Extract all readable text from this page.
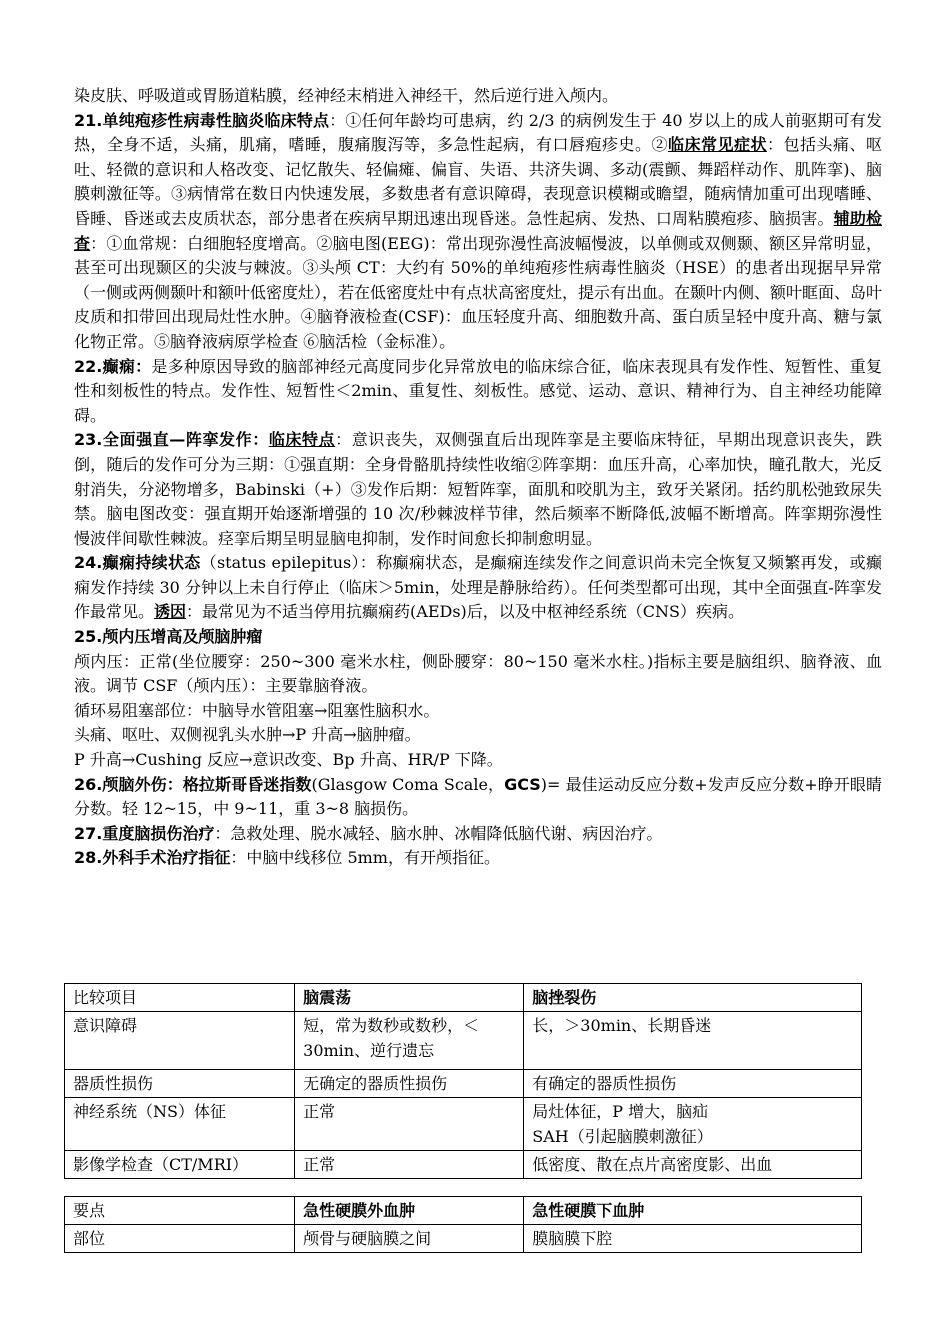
染皮肤、呼吸道或胃肠道粘膜，经神经末梢进入神经干，然后逆行进入颅内。

21.单纯疱疹性病毒性脑炎临床特点：①任何年龄均可患病，约 2/3 的病例发生于 40 岁以上的成人前驱期可有发热，全身不适，头痛，肌痛，嗜睡，腹痛腹泻等，多急性起病，有口唇疱疹史。②临床常见症状：包括头痛、呕吐、轻微的意识和人格改变、记忆散失、轻偏瘫、偏盲、失语、共济失调、多动(震颤、舞蹈样动作、肌阵挛)、脑膜刺激征等。③病情常在数日内快速发展，多数患者有意识障碍，表现意识模糊或瞻望，随病情加重可出现嗜睡、昏睡、昏迷或去皮质状态，部分患者在疾病早期迅速出现昏迷。急性起病、发热、口周粘膜疱疹、脑损害。辅助检查：①血常规：白细胞轻度增高。②脑电图(EEG)：常出现弥漫性高波幅慢波，以单侧或双侧颞、额区异常明显，甚至可出现颞区的尖波与棘波。③头颅 CT：大约有 50%的单纯疱疹性病毒性脑炎（HSE）的患者出现据早异常（一侧或两侧颞叶和额叶低密度灶），若在低密度灶中有点状高密度灶，提示有出血。在颞叶内侧、额叶眶面、岛叶皮质和扣带回出现局灶性水肿。④脑脊液检查(CSF)：血压轻度升高、细胞数升高、蛋白质呈轻中度升高、糖与氯化物正常。⑤脑脊液病原学检查 ⑥脑活检（金标准）。

22.癫痫：是多种原因导致的脑部神经元高度同步化异常放电的临床综合征，临床表现具有发作性、短暂性、重复性和刻板性的特点。发作性、短暂性＜2min、重复性、刻板性。感觉、运动、意识、精神行为、自主神经功能障碍。

23.全面强直—阵挛发作：临床特点：意识丧失，双侧强直后出现阵挛是主要临床特征，早期出现意识丧失，跌倒，随后的发作可分为三期：①强直期：全身骨骼肌持续性收缩②阵挛期：血压升高，心率加快，瞳孔散大，光反射消失，分泌物增多，Babinski（+）③发作后期：短暂阵挛，面肌和咬肌为主，致牙关紧闭。括约肌松弛致尿失禁。脑电图改变：强直期开始逐渐增强的 10 次/秒棘波样节律，然后频率不断降低,波幅不断增高。阵挛期弥漫性慢波伴间歇性棘波。痉挛后期呈明显脑电抑制，发作时间愈长抑制愈明显。

24.癫痫持续状态（status epilepitus）：称癫痫状态，是癫痫连续发作之间意识尚未完全恢复又频繁再发，或癫痫发作持续 30 分钟以上未自行停止（临床＞5min，处理是静脉给药）。任何类型都可出现，其中全面强直-阵挛发作最常见。诱因：最常见为不适当停用抗癫痫药(AEDs)后，以及中枢神经系统（CNS）疾病。

25.颅内压增高及颅脑肿瘤

颅内压：正常(坐位腰穿：250~300 毫米水柱，侧卧腰穿：80~150 毫米水柱。)指标主要是脑组织、脑脊液、血液。调节 CSF（颅内压）：主要靠脑脊液。

循环易阻塞部位：中脑导水管阻塞→阻塞性脑积水。

头痛、呕吐、双侧视乳头水肿→P 升高→脑肿瘤。

P 升高→Cushing 反应→意识改变、Bp 升高、HR/P 下降。

26.颅脑外伤：格拉斯哥昏迷指数(Glasgow Coma Scale，GCS)= 最佳运动反应分数+发声反应分数+睁开眼睛分数。轻 12~15，中 9~11，重 3~8 脑损伤。

27.重度脑损伤治疗：急救处理、脱水减轻、脑水肿、冰帽降低脑代谢、病因治疗。

28.外科手术治疗指征：中脑中线移位 5mm，有开颅指征。

比较项目	脑震荡	脑挫裂伤
意识障碍	短，常为数秒或数秒，＜30min、逆行遗忘	长，＞30min、长期昏迷
器质性损伤	无确定的器质性损伤	有确定的器质性损伤
神经系统（NS）体征	正常	局灶体征，P 增大，脑疝
SAH（引起脑膜刺激征）

影像学检查（CT/MRI）	正常	低密度、散在点片高密度影、出血
要点	急性硬膜外血肿	急性硬膜下血肿
部位	颅骨与硬脑膜之间	膜脑膜下腔
